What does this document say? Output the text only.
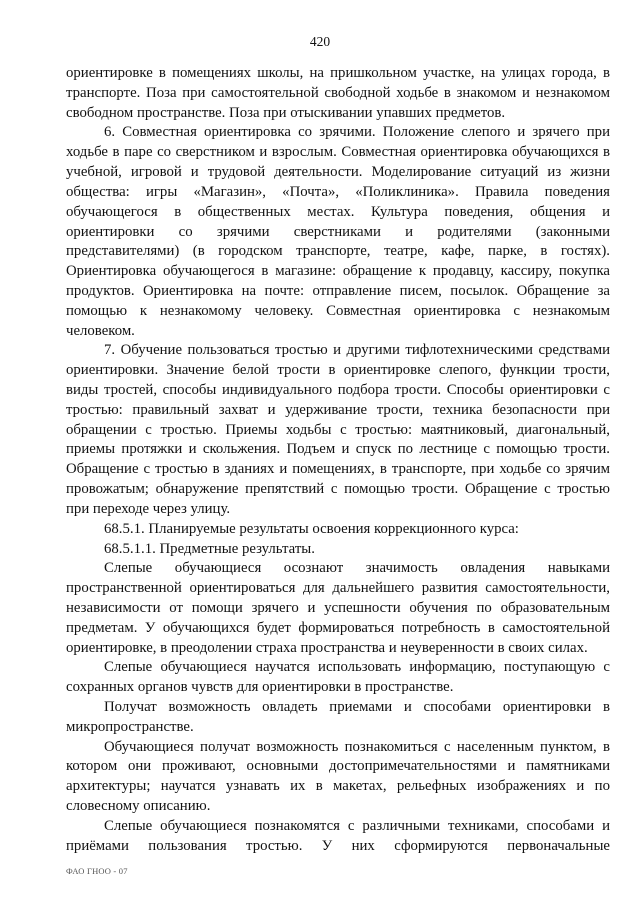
420
ориентировке в помещениях школы, на пришкольном участке, на улицах города, в
транспорте. Поза при самостоятельной свободной ходьбе в знакомом и незнакомом
свободном пространстве. Поза при отыскивании упавших предметов.
6. Совместная ориентировка со зрячими. Положение слепого и зрячего при
ходьбе в паре со сверстником и взрослым. Совместная ориентировка обучающихся в
учебной, игровой и трудовой деятельности. Моделирование ситуаций из жизни
общества: игры «Магазин», «Почта», «Поликлиника». Правила поведения
обучающегося в общественных местах. Культура поведения, общения и
ориентировки со зрячими сверстниками и родителями (законными
представителями) (в городском транспорте, театре, кафе, парке, в гостях).
Ориентировка обучающегося в магазине: обращение к продавцу, кассиру, покупка
продуктов. Ориентировка на почте: отправление писем, посылок. Обращение за
помощью к незнакомому человеку. Совместная ориентировка с незнакомым
человеком.
7. Обучение пользоваться тростью и другими тифлотехническими средствами
ориентировки. Значение белой трости в ориентировке слепого, функции трости,
виды тростей, способы индивидуального подбора трости. Способы ориентировки с
тростью: правильный захват и удерживание трости, техника безопасности при
обращении с тростью. Приемы ходьбы с тростью: маятниковый, диагональный,
приемы протяжки и скольжения. Подъем и спуск по лестнице с помощью трости.
Обращение с тростью в зданиях и помещениях, в транспорте, при ходьбе со зрячим
провожатым; обнаружение препятствий с помощью трости. Обращение с тростью
при переходе через улицу.
68.5.1. Планируемые результаты освоения коррекционного курса:
68.5.1.1. Предметные результаты.
Слепые обучающиеся осознают значимость овладения навыками
пространственной ориентироваться для дальнейшего развития самостоятельности,
независимости от помощи зрячего и успешности обучения по образовательным
предметам. У обучающихся будет формироваться потребность в самостоятельной
ориентировке, в преодолении страха пространства и неуверенности в своих силах.
Слепые обучающиеся научатся использовать информацию, поступающую с
сохранных органов чувств для ориентировки в пространстве.
Получат возможность овладеть приемами и способами ориентировки в
микропространстве.
Обучающиеся получат возможность познакомиться с населенным пунктом, в
котором они проживают, основными достопримечательностями и памятниками
архитектуры; научатся узнавать их в макетах, рельефных изображениях и по
словесному описанию.
Слепые обучающиеся познакомятся с различными техниками, способами и
приёмами пользования тростью. У них сформируются первоначальные
ФАО ГНОО - 07
